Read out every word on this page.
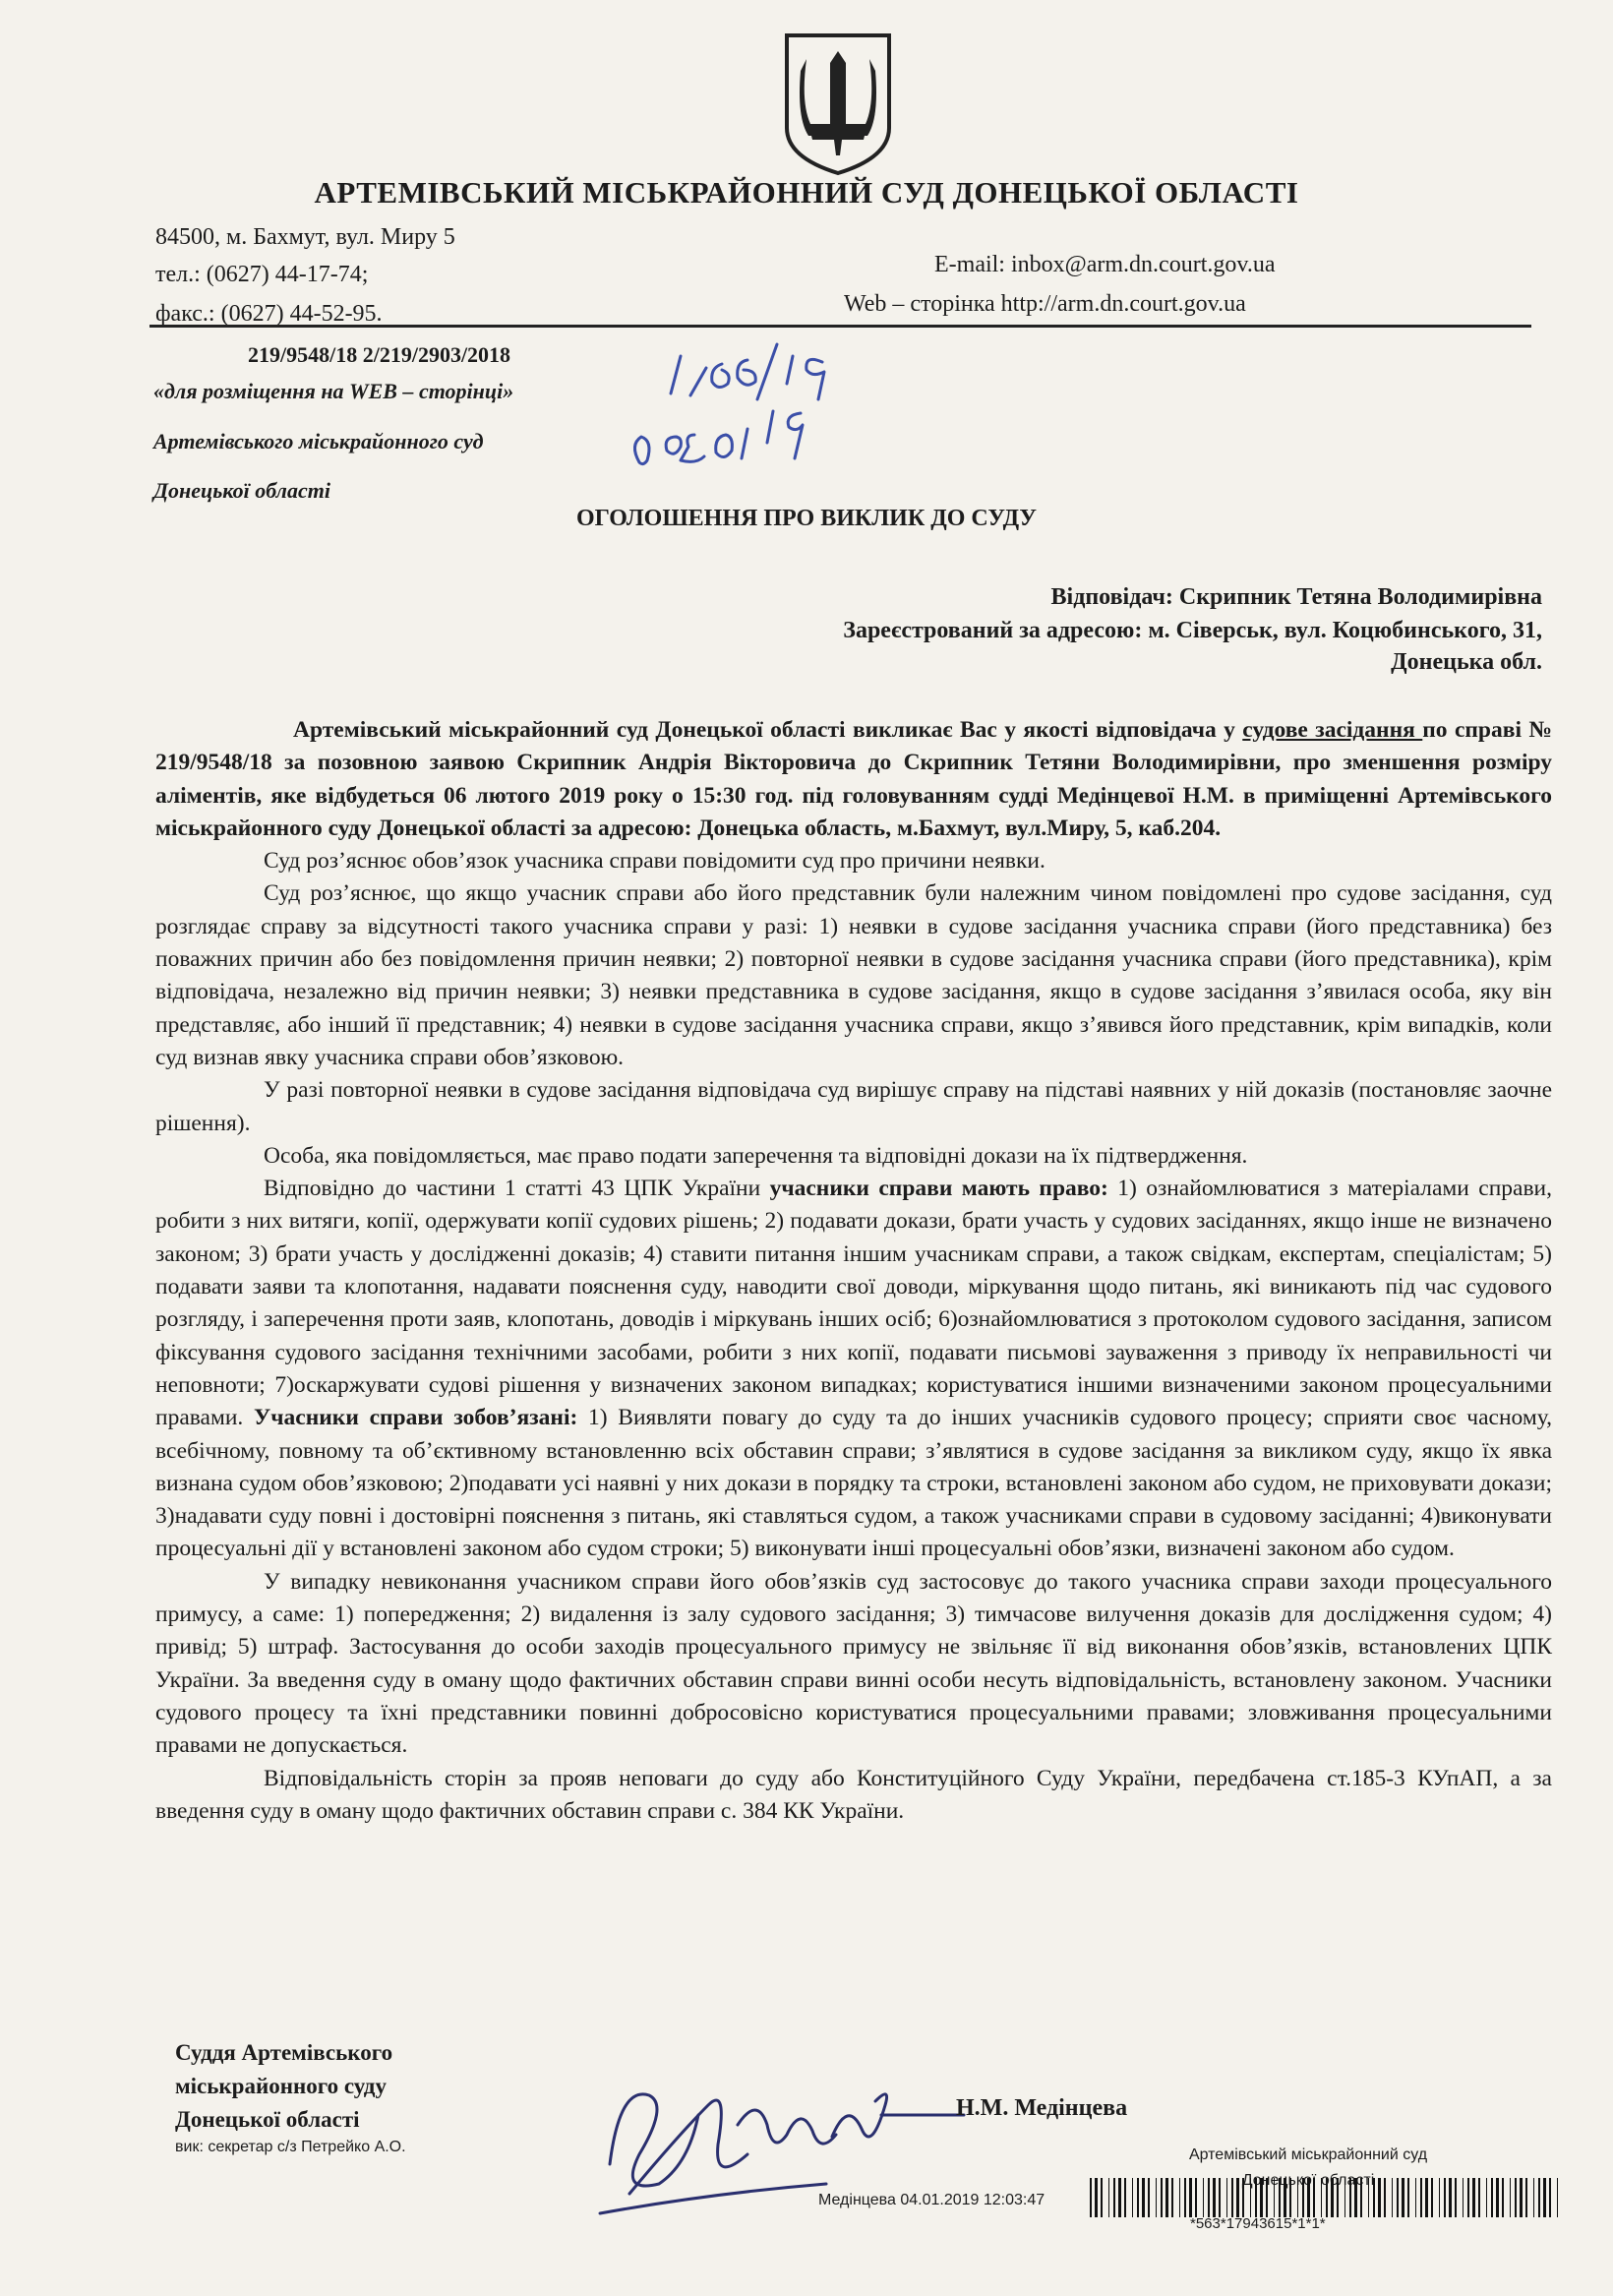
АРТЕМІВСЬКИЙ МІСЬКРАЙОННИЙ СУД ДОНЕЦЬКОЇ ОБЛАСТІ
84500, м. Бахмут, вул. Миру 5
тел.: (0627) 44-17-74;
факс.: (0627) 44-52-95.
E-mail: inbox@arm.dn.court.gov.ua
Web – сторінка http://arm.dn.court.gov.ua
219/9548/18 2/219/2903/2018
«для розміщення на WEB – сторінці»
Артемівського міськрайонного суд
Донецької області
ОГОЛОШЕННЯ ПРО ВИКЛИК ДО СУДУ
Відповідач: Скрипник Тетяна Володимирівна
Зареєстрований за адресою: м. Сіверськ, вул. Коцюбинського, 31,
Донецька обл.

Артемівський міськрайонний суд Донецької області викликає Вас у якості відповідача у судове засідання по справі № 219/9548/18 за позовною заявою Скрипник Андрія Вікторовича до Скрипник Тетяни Володимирівни, про зменшення розміру аліментів, яке відбудеться 06 лютого 2019 року о 15:30 год. під головуванням судді Медінцевої Н.М. в приміщенні Артемівського міськрайонного суду Донецької області за адресою: Донецька область, м.Бахмут, вул.Миру, 5, каб.204.

Суд роз’яснює обов’язок учасника справи повідомити суд про причини неявки.

Суд роз’яснює, що якщо учасник справи або його представник були належним чином повідомлені про судове засідання, суд розглядає справу за відсутності такого учасника справи у разі: 1) неявки в судове засідання учасника справи (його представника) без поважних причин або без повідомлення причин неявки; 2) повторної неявки в судове засідання учасника справи (його представника), крім відповідача, незалежно від причин неявки; 3) неявки представника в судове засідання, якщо в судове засідання з’явилася особа, яку він представляє, або інший її представник; 4) неявки в судове засідання учасника справи, якщо з’явився його представник, крім випадків, коли суд визнав явку учасника справи обов’язковою.

У разі повторної неявки в судове засідання відповідача суд вирішує справу на підставі наявних у ній доказів (постановляє заочне рішення).

Особа, яка повідомляється, має право подати заперечення та відповідні докази на їх підтвердження.

Відповідно до частини 1 статті 43 ЦПК України учасники справи мають право: 1) ознайомлюватися з матеріалами справи, робити з них витяги, копії, одержувати копії судових рішень; 2) подавати докази, брати участь у судових засіданнях, якщо інше не визначено законом; 3) брати участь у дослідженні доказів; 4) ставити питання іншим учасникам справи, а також свідкам, експертам, спеціалістам; 5) подавати заяви та клопотання, надавати пояснення суду, наводити свої доводи, міркування щодо питань, які виникають під час судового розгляду, і заперечення проти заяв, клопотань, доводів і міркувань інших осіб; 6)ознайомлюватися з протоколом судового засідання, записом фіксування судового засідання технічними засобами, робити з них копії, подавати письмові зауваження з приводу їх неправильності чи неповноти; 7)оскаржувати судові рішення у визначених законом випадках; користуватися іншими визначеними законом процесуальними правами. Учасники справи зобов’язані: 1) Виявляти повагу до суду та до інших учасників судового процесу; сприяти своє часному, всебічному, повному та об’єктивному встановленню всіх обставин справи; з’являтися в судове засідання за викликом суду, якщо їх явка визнана судом обов’язковою; 2)подавати усі наявні у них докази в порядку та строки, встановлені законом або судом, не приховувати докази; 3)надавати суду повні і достовірні пояснення з питань, які ставляться судом, а також учасниками справи в судовому засіданні; 4)виконувати процесуальні дії у встановлені законом або судом строки; 5) виконувати інші процесуальні обов’язки, визначені законом або судом.

У випадку невиконання учасником справи його обов’язків суд застосовує до такого учасника справи заходи процесуального примусу, а саме: 1) попередження; 2) видалення із залу судового засідання; 3) тимчасове вилучення доказів для дослідження судом; 4) привід; 5) штраф. Застосування до особи заходів процесуального примусу не звільняє її від виконання обов’язків, встановлених ЦПК України. За введення суду в оману щодо фактичних обставин справи винні особи несуть відповідальність, встановлену законом. Учасники судового процесу та їхні представники повинні добросовісно користуватися процесуальними правами; зловживання процесуальними правами не допускається.

Відповідальність сторін за прояв неповаги до суду або Конституційного Суду України, передбачена ст.185-3 КУпАП, а за введення суду в оману щодо фактичних обставин справи с. 384 КК України.

Суддя Артемівського
міськрайонного суду
Донецької області
вик: секретар с/з Петрейко А.О.
Н.М. Медінцева
Артемівський міськрайонний суд
області
Медінцева 04.01.2019 12:03:47
*563*17943615*1*1*
